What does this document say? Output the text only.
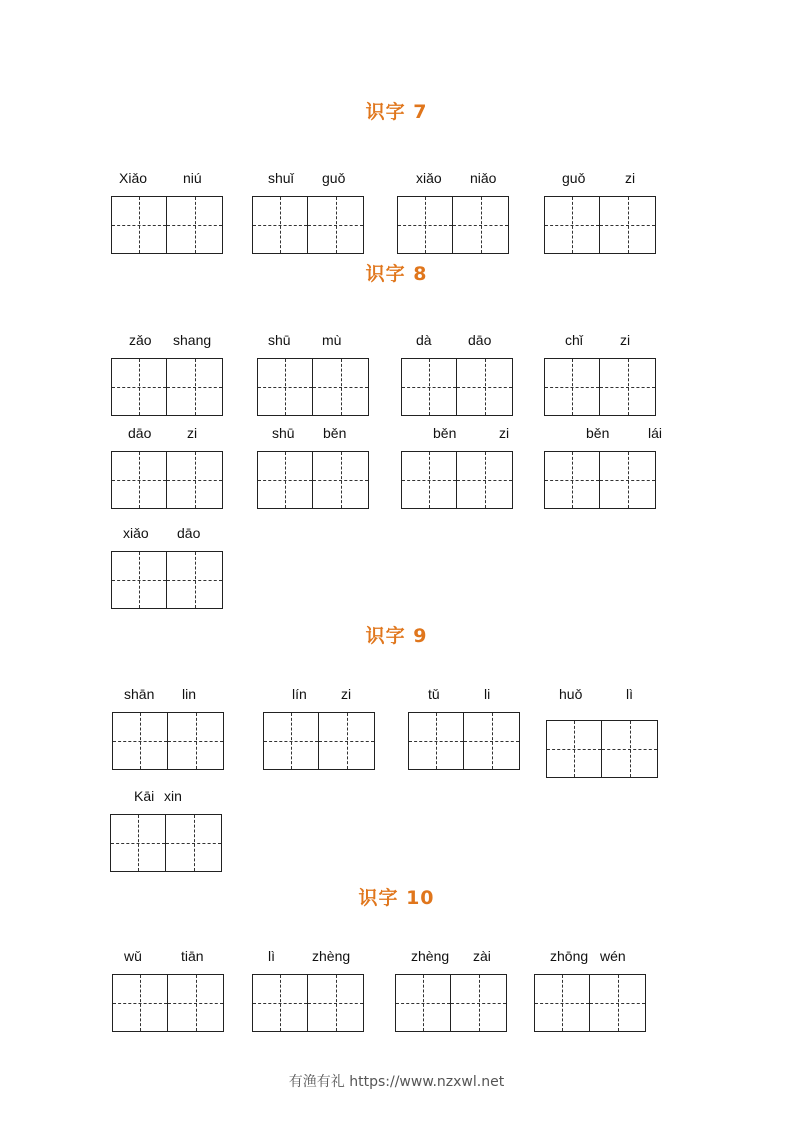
识字 7
识字 8
识字 9
识字 10
Xiǎo	niú	shuǐ guǒ	xiǎo niǎo	guǒ	zi
zǎo shang	shū mù	dà	dāo	chǐ	zi
dāo	zi	shū běn	běn	zi	běn	lái
xiǎo dāo
shān lin	lín zi	tǔ	li	huǒ	lì
Kāi xin
wǔ	tiān	lì	zhèng	zhèng zài	zhōng wén
有渔有礼 https://www.nzxwl.net
